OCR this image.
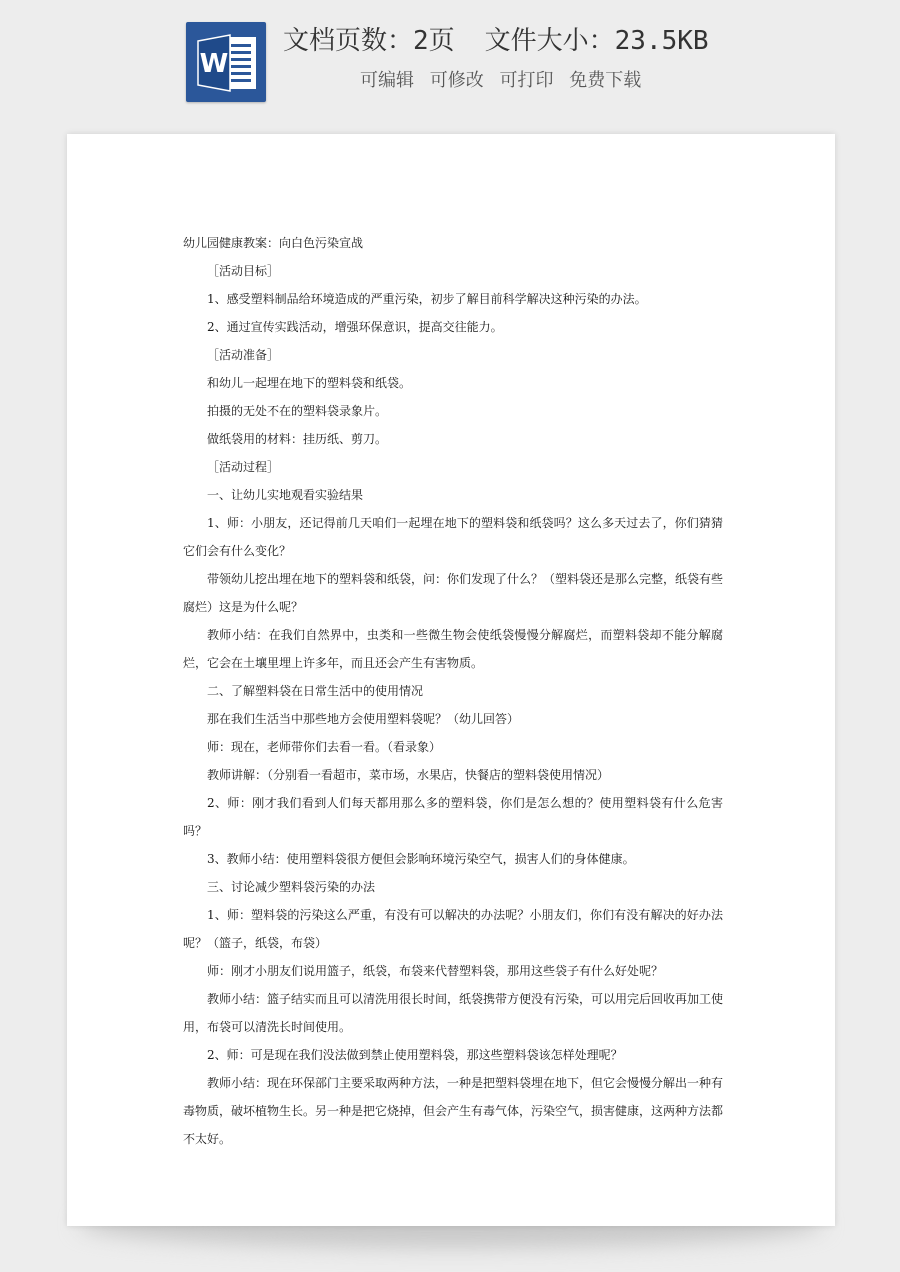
W
文档页数：2页 文件大小：23.5KB
可编辑 可修改 可打印 免费下载

幼儿园健康教案：向白色污染宣战

［活动目标］

1、感受塑料制品给环境造成的严重污染，初步了解目前科学解决这种污染的办法。

2、通过宣传实践活动，增强环保意识，提高交往能力。

［活动准备］

和幼儿一起埋在地下的塑料袋和纸袋。

拍摄的无处不在的塑料袋录象片。

做纸袋用的材料：挂历纸、剪刀。

［活动过程］

一、让幼儿实地观看实验结果

1、师：小朋友，还记得前几天咱们一起埋在地下的塑料袋和纸袋吗？这么多天过去了，你们猜猜它们会有什么变化？

带领幼儿挖出埋在地下的塑料袋和纸袋，问：你们发现了什么？（塑料袋还是那么完整，纸袋有些腐烂）这是为什么呢？

教师小结：在我们自然界中，虫类和一些微生物会使纸袋慢慢分解腐烂，而塑料袋却不能分解腐烂，它会在土壤里埋上许多年，而且还会产生有害物质。

二、了解塑料袋在日常生活中的使用情况

那在我们生活当中那些地方会使用塑料袋呢？（幼儿回答）

师：现在，老师带你们去看一看。（看录象）

教师讲解：（分别看一看超市，菜市场，水果店，快餐店的塑料袋使用情况）

2、师：刚才我们看到人们每天都用那么多的塑料袋，你们是怎么想的？使用塑料袋有什么危害吗？

3、教师小结：使用塑料袋很方便但会影响环境污染空气，损害人们的身体健康。

三、讨论减少塑料袋污染的办法

1、师：塑料袋的污染这么严重，有没有可以解决的办法呢？小朋友们，你们有没有解决的好办法呢？（篮子，纸袋，布袋）

师：刚才小朋友们说用篮子，纸袋，布袋来代替塑料袋，那用这些袋子有什么好处呢？

教师小结：篮子结实而且可以清洗用很长时间，纸袋携带方便没有污染，可以用完后回收再加工使用，布袋可以清洗长时间使用。

2、师：可是现在我们没法做到禁止使用塑料袋，那这些塑料袋该怎样处理呢？

教师小结：现在环保部门主要采取两种方法，一种是把塑料袋埋在地下，但它会慢慢分解出一种有毒物质，破坏植物生长。另一种是把它烧掉，但会产生有毒气体，污染空气，损害健康，这两种方法都不太好。
